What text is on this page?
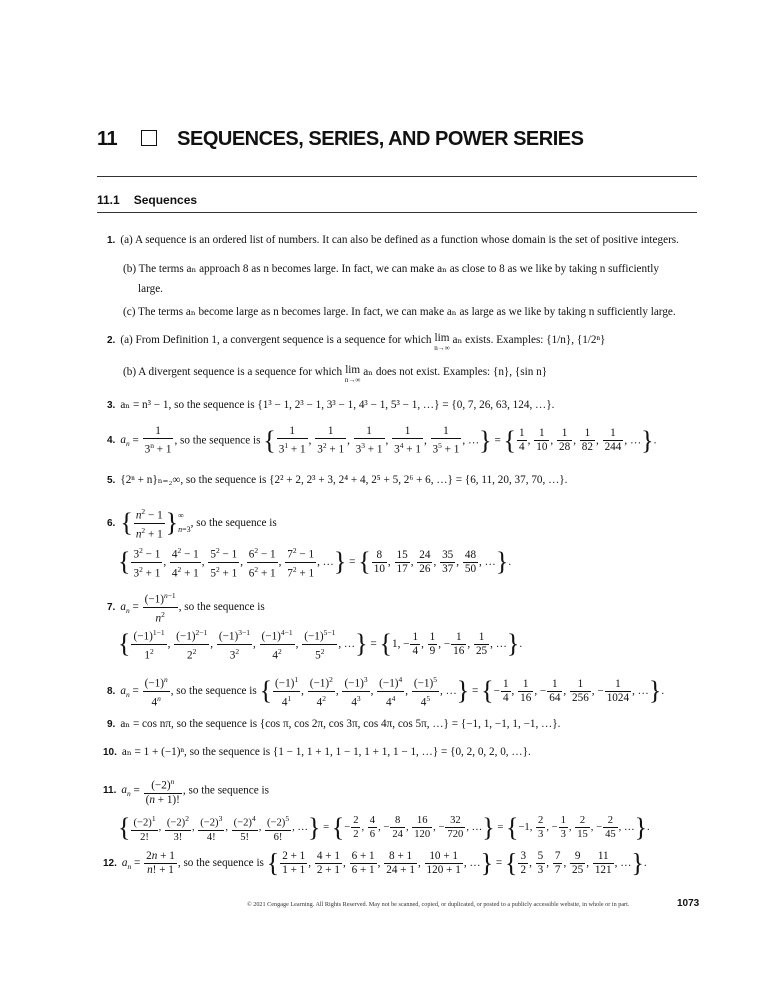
11	SEQUENCES, SERIES, AND POWER SERIES
11.1 Sequences
1. (a) A sequence is an ordered list of numbers. It can also be defined as a function whose domain is the set of positive integers.
(b) The terms aₙ approach 8 as n becomes large. In fact, we can make aₙ as close to 8 as we like by taking n sufficiently
large.
(c) The terms aₙ become large as n becomes large. In fact, we can make aₙ as large as we like by taking n sufficiently large.
2. (a) From Definition 1, a convergent sequence is a sequence for which lim
n→∞
aₙ exists. Examples: {1/n}, {1/2ⁿ}
(b) A divergent sequence is a sequence for which lim
n→∞
aₙ does not exist. Examples: {n}, {sin n}
3. aₙ = n³ − 1, so the sequence is {1³ − 1, 2³ − 1, 3³ − 1, 4³ − 1, 5³ − 1, …} = {0, 7, 26, 63, 124, …}.
4. $a_n = \frac{1}{3^n + 1}$ , so the sequence is { $\frac{1}{3^1 + 1}$ , $\frac{1}{3^2 + 1}$ , $\frac{1}{3^3 + 1}$ , $\frac{1}{3^4 + 1}$ , $\frac{1}{3^5 + 1}$ , …} = { $\frac{1}{4}$ , $\frac{1}{10}$ , $\frac{1}{28}$ , $\frac{1}{82}$ , $\frac{1}{244}$ , …}.
5. {2ⁿ + n}ₙ₌₂∞, so the sequence is {2² + 2, 2³ + 3, 2⁴ + 4, 2⁵ + 5, 2⁶ + 6, …} = {6, 11, 20, 37, 70, …}.
6. { $\frac{n^2 - 1}{n^2 + 1}$ }∞
n=3, so the sequence is
{ $\frac{3^2 - 1}{3^2 + 1}$ , $\frac{4^2 - 1}{4^2 + 1}$ , $\frac{5^2 - 1}{5^2 + 1}$ , $\frac{6^2 - 1}{6^2 + 1}$ , $\frac{7^2 - 1}{7^2 + 1}$ , …} = { $\frac{8}{10}$ , $\frac{15}{17}$ , $\frac{24}{26}$ , $\frac{35}{37}$ , $\frac{48}{50}$ , …}.
7. $a_n = \frac{(-1)^{n-1}}{n^2}$ , so the sequence is
{ $\frac{(-1)^{1-1}}{1^2}$ , $\frac{(-1)^{2-1}}{2^2}$ , $\frac{(-1)^{3-1}}{3^2}$ , $\frac{(-1)^{4-1}}{4^2}$ , $\frac{(-1)^{5-1}}{5^2}$ , …} = {1, − $\frac{1}{4}$ , $\frac{1}{9}$ , − $\frac{1}{16}$ , $\frac{1}{25}$ , …}.
8. $a_n = \frac{(-1)^n}{4^n}$ , so the sequence is { $\frac{(-1)^1}{4^1}$ , $\frac{(-1)^2}{4^2}$ , $\frac{(-1)^3}{4^3}$ , $\frac{(-1)^4}{4^4}$ , $\frac{(-1)^5}{4^5}$ , …} = {− $\frac{1}{4}$ , $\frac{1}{16}$ , − $\frac{1}{64}$ , $\frac{1}{256}$ , − $\frac{1}{1024}$ , …}.
9. aₙ = cos nπ, so the sequence is {cos π, cos 2π, cos 3π, cos 4π, cos 5π, …} = {−1, 1, −1, 1, −1, …}.
10. aₙ = 1 + (−1)ⁿ, so the sequence is {1 − 1, 1 + 1, 1 − 1, 1 + 1, 1 − 1, …} = {0, 2, 0, 2, 0, …}.
11. $a_n = \frac{(-2)^n}{(n + 1)!}$ , so the sequence is
{ $\frac{(-2)^1}{2!}$ , $\frac{(-2)^2}{3!}$ , $\frac{(-2)^3}{4!}$ , $\frac{(-2)^4}{5!}$ , $\frac{(-2)^5}{6!}$ , …} = {− $\frac{2}{2}$ , $\frac{4}{6}$ , − $\frac{8}{24}$ , $\frac{16}{120}$ , − $\frac{32}{720}$ , …} = {−1, $\frac{2}{3}$ , − $\frac{1}{3}$ , $\frac{2}{15}$ , − $\frac{2}{45}$ , …}.
12. $a_n = \frac{2n + 1}{n! + 1}$ , so the sequence is { $\frac{2 + 1}{1 + 1}$ , $\frac{4 + 1}{2 + 1}$ , $\frac{6 + 1}{6 + 1}$ , $\frac{8 + 1}{24 + 1}$ , $\frac{10 + 1}{120 + 1}$ , …} = { $\frac{3}{2}$ , $\frac{5}{3}$ , $\frac{7}{7}$ , $\frac{9}{25}$ , $\frac{11}{121}$ , …}.
© 2021 Cengage Learning. All Rights Reserved. May not be scanned, copied, or duplicated, or posted to a publicly accessible website, in whole or in part.	1073
